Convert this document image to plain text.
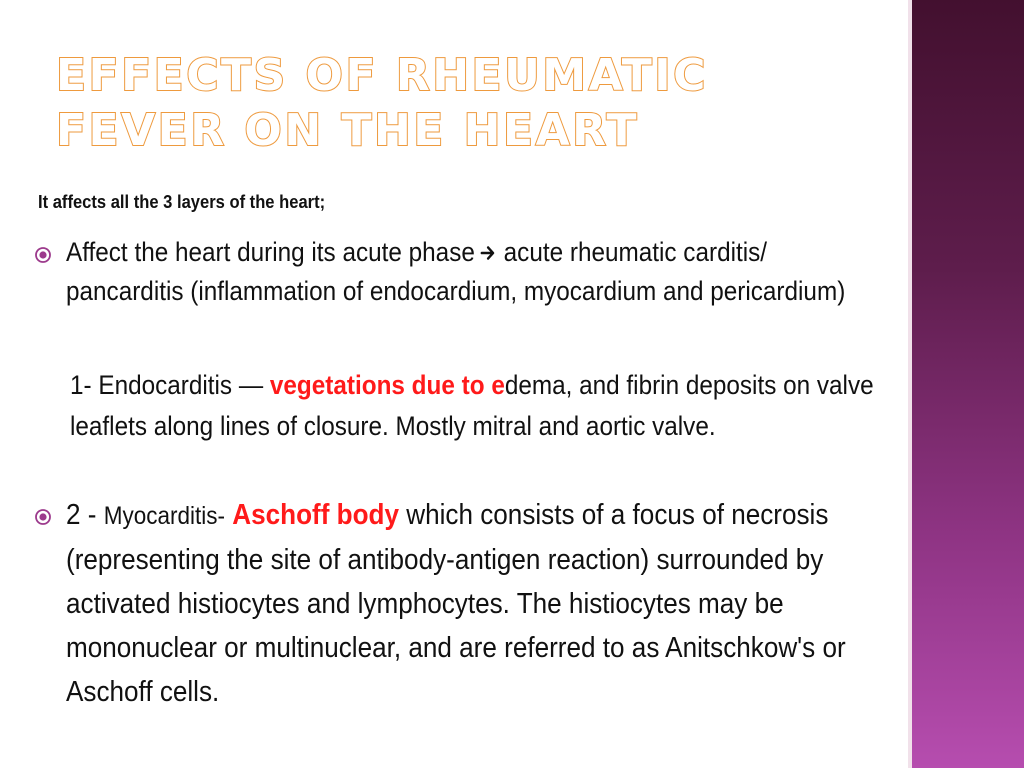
EFFECTS OF RHEUMATIC FEVER ON THE HEART

It affects all the 3 layers of the heart;

Affect the heart during its acute phase acute rheumatic carditis/ pancarditis (inflammation of endocardium, myocardium and pericardium)

1- Endocarditis — vegetations due to edema, and fibrin deposits on valve leaflets along lines of closure. Mostly mitral and aortic valve.

2 - Myocarditis- Aschoff body which consists of a focus of necrosis (representing the site of antibody-antigen reaction) surrounded by activated histiocytes and lymphocytes. The histiocytes may be mononuclear or multinuclear, and are referred to as Anitschkow's or Aschoff cells.
